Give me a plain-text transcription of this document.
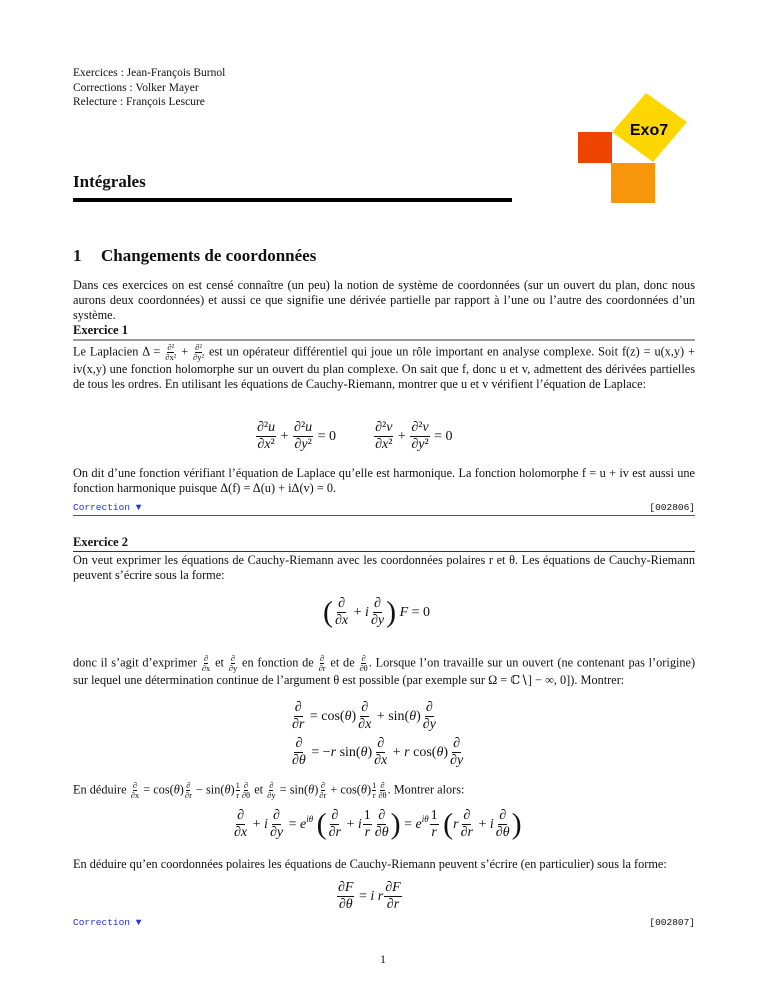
Exercices : Jean-François Burnol
Corrections : Volker Mayer
Relecture : François Lescure
Exo7
Intégrales
1 Changements de coordonnées
Dans ces exercices on est censé connaître (un peu) la notion de système de coordonnées (sur un ouvert du plan, donc nous aurons deux coordonnées) et aussi ce que signifie une dérivée partielle par rapport à l’une ou l’autre des coordonnées d’un système.
Exercice 1
Le Laplacien Δ = ∂²
∂x² + ∂²
∂y² est un opérateur différentiel qui joue un rôle important en analyse complexe. Soit f(z) = u(x,y) + iv(x,y) une fonction holomorphe sur un ouvert du plan complexe. On sait que f, donc u et v, admettent des dérivées partielles de tous les ordres. En utilisant les équations de Cauchy-Riemann, montrer que u et v vérifient l’équation de Laplace:
$\frac{\text{∂²u}}{\text{∂x²}} + \frac{\text{∂²u}}{\text{∂y²}} = 0 \frac{\text{∂²v}}{\text{∂x²}} + \frac{\text{∂²v}}{\text{∂y²}} = 0$
On dit d’une fonction vérifiant l’équation de Laplace qu’elle est harmonique. La fonction holomorphe f = u + iv est aussi une fonction harmonique puisque Δ(f) = Δ(u) + iΔ(v) = 0.
Correction ▼	[002806]
Exercice 2
On veut exprimer les équations de Cauchy-Riemann avec les coordonnées polaires r et θ. Les équations de Cauchy-Riemann peuvent s’écrire sous la forme:
( $\frac{\partial}{\partial x} + i \frac{\partial}{\partial y}$ ) F = 0
donc il s’agit d’exprimer ∂
∂x et ∂
∂y en fonction de ∂
∂r et de ∂
∂θ . Lorsque l’on travaille sur un ouvert (ne contenant pas l’origine) sur lequel une détermination continue de l’argument θ est possible (par exemple sur Ω = ℂ∖] − ∞, 0]). Montrer:
$\frac{\partial}{\partial r} = \cos(\theta) \frac{\partial}{\partial x} + \sin(\theta) \frac{\partial}{\partial y}$
$\frac{\partial}{\partial\theta} = -r$ $\sin(\theta) \frac{\partial}{\partial x} + r$ $\cos(\theta) \frac{\partial}{\partial y}$
En déduire ∂
∂x = cos(θ) ∂
$\partial r - \sin(\theta) \frac{1}{r}$ ∂
∂θ et ∂
∂y = sin(θ) ∂
$\partial r + \cos(\theta) \frac{1}{r}$ ∂
∂θ . Montrer alors:
$\frac{\partial}{\partial x} + i \frac{\partial}{\partial y} = e^{i\theta}$ ( $\frac{\partial}{\partial r} + i \frac{1}{r} \frac{\partial}{\partial\theta}$ ) = $e^{i\theta} \frac{1}{r} (r \frac{\partial}{\partial r} + i \frac{\partial}{\partial\theta}$ )
En déduire qu’en coordonnées polaires les équations de Cauchy-Riemann peuvent s’écrire (en particulier) sous la forme:
$\frac{\partial F}{\partial\theta} = i$ r $\frac{\partial F}{\partial r}$
Correction ▼	[002807]
1
